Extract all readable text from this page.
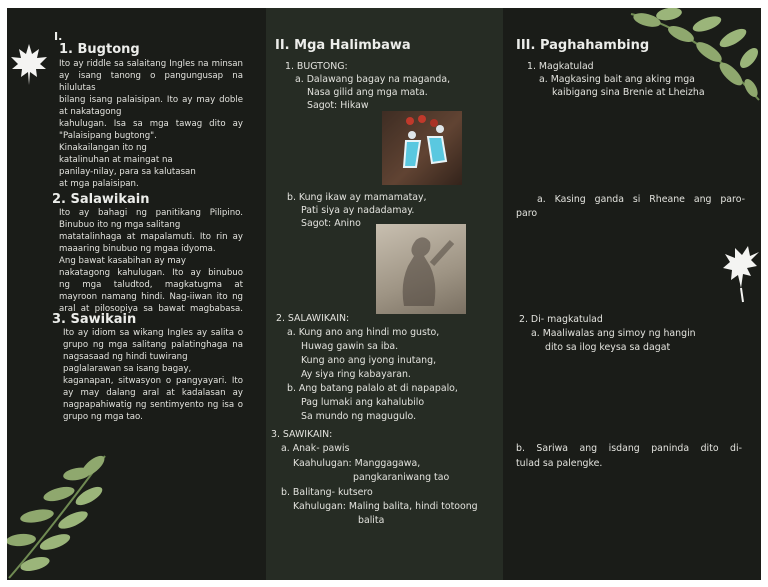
I.

1. Bugtong

Ito ay riddle sa salaitang Ingles na minsan

ay isang tanong o pangungusap na

hilulutas

bilang isang palaisipan. Ito ay may doble

at nakatagong

kahulugan. Isa sa mga tawag dito ay

"Palaisipang bugtong".

Kinakailangan ito ng

katalinuhan at maingat na

panilay-nilay, para sa kalutasan

at mga palaisipan.

2. Salawikain

Ito ay bahagi ng panitikang Pilipino.

Binubuo ito ng mga salitang

matatalinhaga at mapalamuti. Ito rin ay

maaaring binubuo ng mgaa idyoma.

Ang bawat kasabihan ay may

nakatagong kahulugan. Ito ay binubuo

ng mga taludtod, magkatugma at

mayroon namang hindi. Nag-iiwan ito ng

aral at pilosopiya sa bawat magbabasa.

3. Sawikain

Ito ay idiom sa wikang Ingles ay salita o

grupo ng mga salitang palatinghaga na

nagsasaad ng hindi tuwirang

paglalarawan sa isang bagay,

kaganapan, sitwasyon o pangyayari. Ito

ay may dalang aral at kadalasan ay

nagpapahiwatig ng sentimyento ng isa o

grupo ng mga tao.

II. Mga Halimbawa

1. BUGTONG:

a. Dalawang bagay na maganda,

Nasa gilid ang mga mata.

Sagot: Hikaw

b. Kung ikaw ay mamamatay,

Pati siya ay nadadamay.

Sagot: Anino

2. SALAWIKAIN:

a. Kung ano ang hindi mo gusto,

Huwag gawin sa iba.

Kung ano ang iyong inutang,

Ay siya ring kabayaran.

b. Ang batang palalo at di napapalo,

Pag lumaki ang kahalubilo

Sa mundo ng magugulo.

3. SAWIKAIN:

a. Anak- pawis

Kaahulugan: Manggagawa,

pangkaraniwang tao

b. Balitang- kutsero

Kahulugan: Maling balita, hindi totoong

balita

III. Paghahambing

1. Magkatulad

a. Magkasing bait ang aking mga

kaibigang sina Brenie at Lheizha

a. Kasing ganda si Rheane ang paro-

paro

2. Di- magkatulad

a. Maaliwalas ang simoy ng hangin

dito sa ilog keysa sa dagat

b. Sariwa ang isdang paninda dito di-

tulad sa palengke.
